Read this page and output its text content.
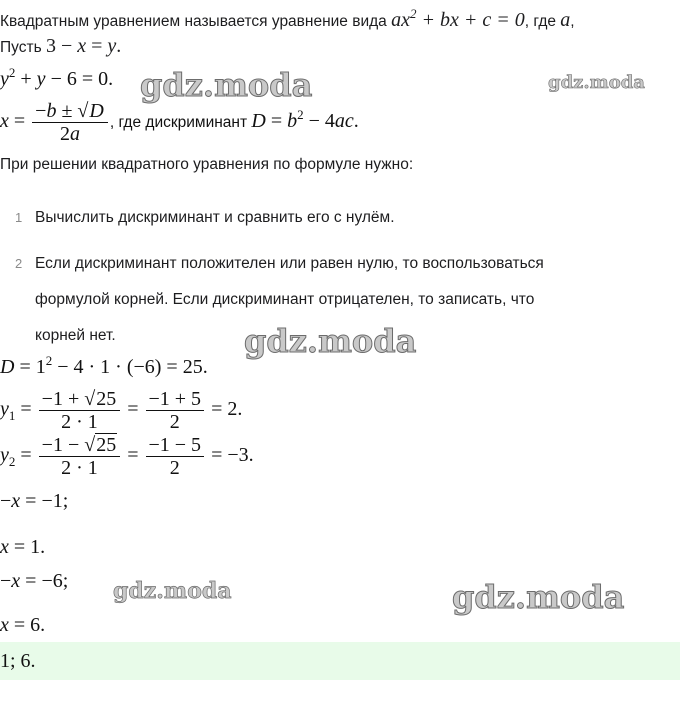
Квадратным уравнением называется уравнение вида $ax^2$ + bx + c = 0, где a,
Пусть 3 − x = y.
$y^2 + y - 6 = 0$.
$x = \frac{-b \pm √D}{2a}$ , где дискриминант $D = b^2 - 4ac$.
При решении квадратного уравнения по формуле нужно:
1 Вычислить дискриминант и сравнить его с нулём.
2 Если дискриминант положителен или равен нулю, то воспользоваться
формулой корней. Если дискриминант отрицателен, то записать, что
корней нет.
$D = 1^2 - 4 \cdot 1 \cdot (-6) = 25$.
$y_1 = \frac{-1 + √25}{2 \cdot 1} = \frac{-1 + 5}{2} = 2$.
$y_2 = \frac{-1 - √25}{2 \cdot 1} = \frac{-1 - 5}{2} = -3$.
−x = −1;
x = 1.
−x = −6;
x = 6.
1; 6.
gdz.moda	gdz.moda
gdz.moda
gdz.moda	gdz.moda
